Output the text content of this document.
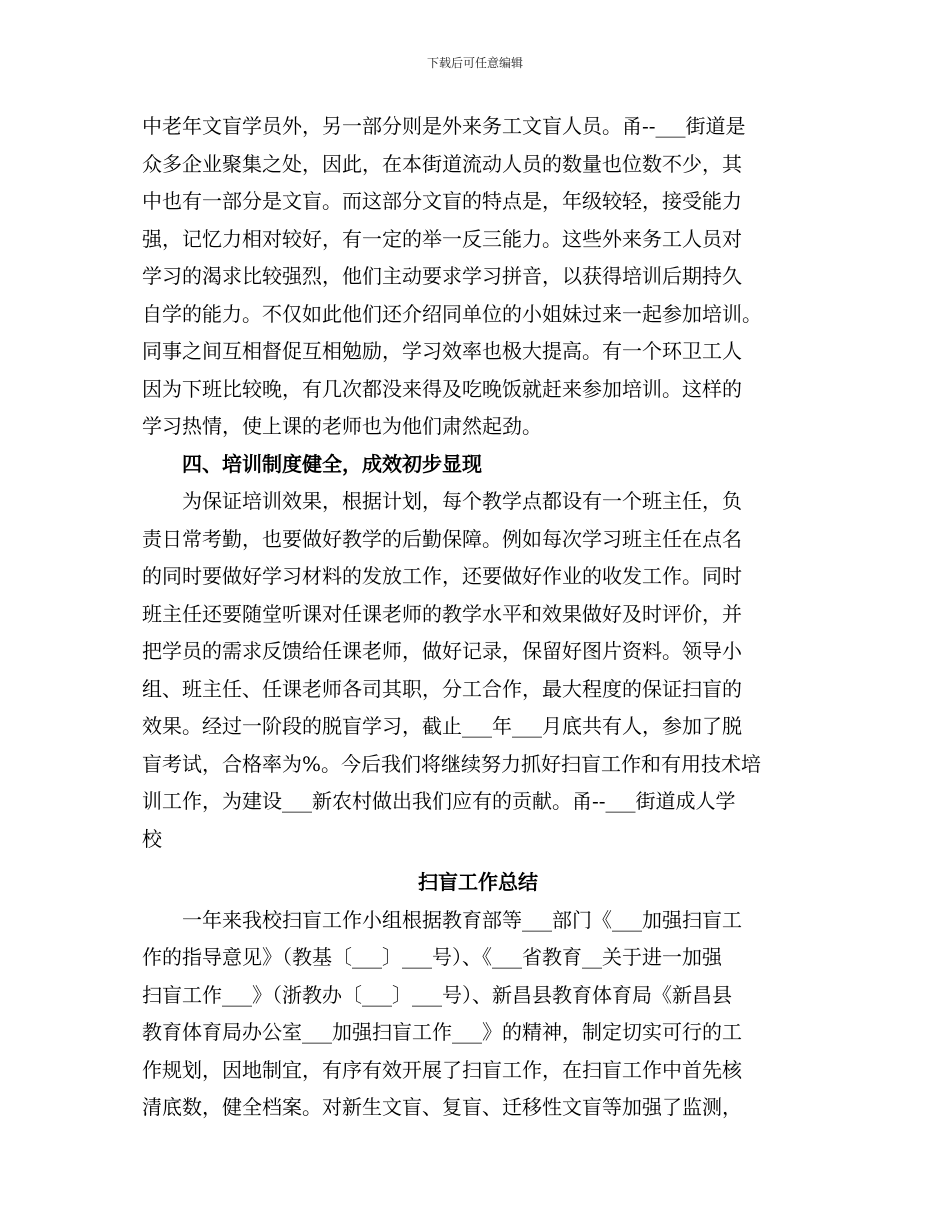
下载后可任意编辑
中老年文盲学员外，另一部分则是外来务工文盲人员。甬--___街道是
众多企业聚集之处，因此，在本街道流动人员的数量也位数不少，其
中也有一部分是文盲。而这部分文盲的特点是，年级较轻，接受能力
强，记忆力相对较好，有一定的举一反三能力。这些外来务工人员对
学习的渴求比较强烈，他们主动要求学习拼音，以获得培训后期持久
自学的能力。不仅如此他们还介绍同单位的小姐妹过来一起参加培训。
同事之间互相督促互相勉励，学习效率也极大提高。有一个环卫工人
因为下班比较晚，有几次都没来得及吃晚饭就赶来参加培训。这样的
学习热情，使上课的老师也为他们肃然起劲。
四、培训制度健全，成效初步显现
为保证培训效果，根据计划，每个教学点都设有一个班主任，负
责日常考勤，也要做好教学的后勤保障。例如每次学习班主任在点名
的同时要做好学习材料的发放工作，还要做好作业的收发工作。同时
班主任还要随堂听课对任课老师的教学水平和效果做好及时评价，并
把学员的需求反馈给任课老师，做好记录，保留好图片资料。领导小
组、班主任、任课老师各司其职，分工合作，最大程度的保证扫盲的
效果。经过一阶段的脱盲学习，截止___年___月底共有人，参加了脱
盲考试，合格率为%。今后我们将继续努力抓好扫盲工作和有用技术培
训工作，为建设___新农村做出我们应有的贡献。甬--___街道成人学
校
扫盲工作总结
一年来我校扫盲工作小组根据教育部等___部门《___加强扫盲工
作的指导意见》（教基〔___〕___号）、《___省教育__关于进一加强
扫盲工作___》（浙教办〔___〕___号）、新昌县教育体育局《新昌县
教育体育局办公室___加强扫盲工作___》的精神，制定切实可行的工
作规划，因地制宜，有序有效开展了扫盲工作，在扫盲工作中首先核
清底数，健全档案。对新生文盲、复盲、迁移性文盲等加强了监测，
